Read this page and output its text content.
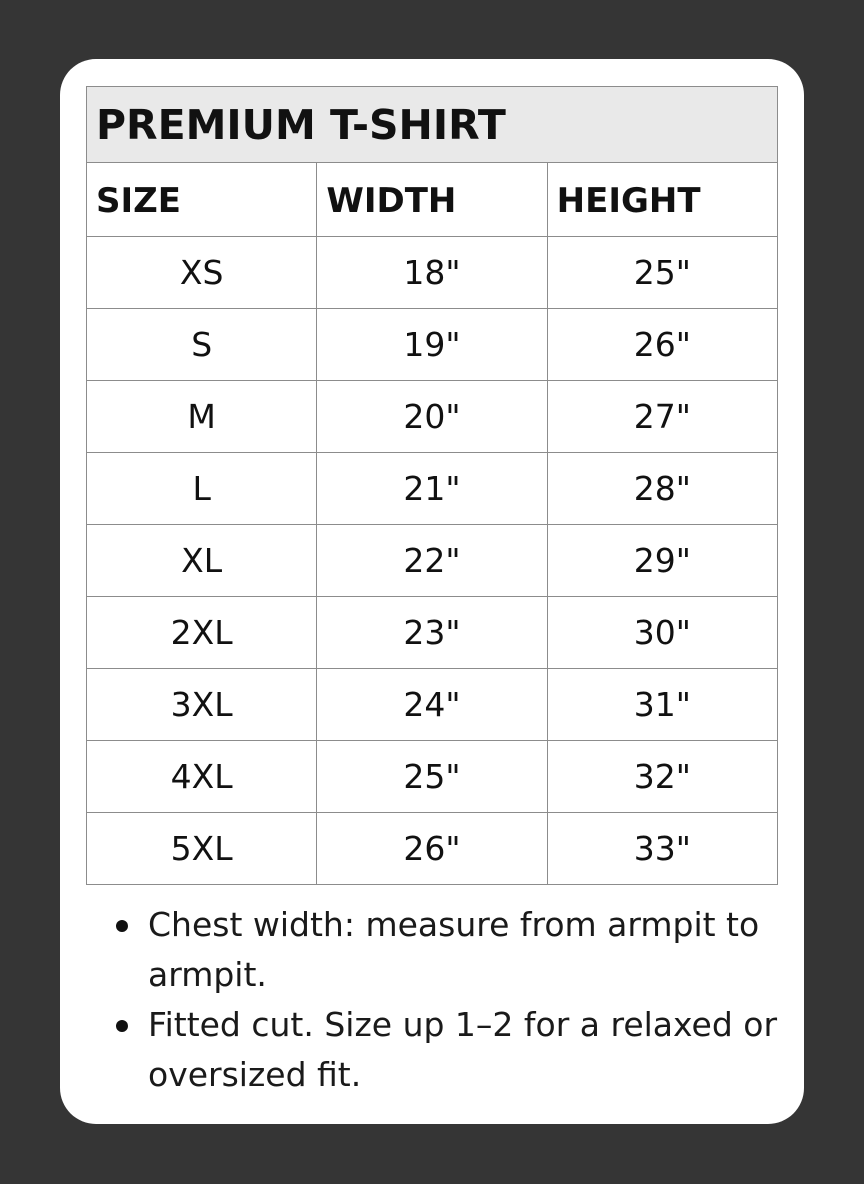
PREMIUM T-SHIRT		
SIZE	WIDTH	HEIGHT
XS	18"	25"
S	19"	26"
M	20"	27"
L	21"	28"
XL	22"	29"
2XL	23"	30"
3XL	24"	31"
4XL	25"	32"
5XL	26"	33"
Chest width: measure from armpit to armpit.
Fitted cut. Size up 1–2 for a relaxed or oversized fit.
